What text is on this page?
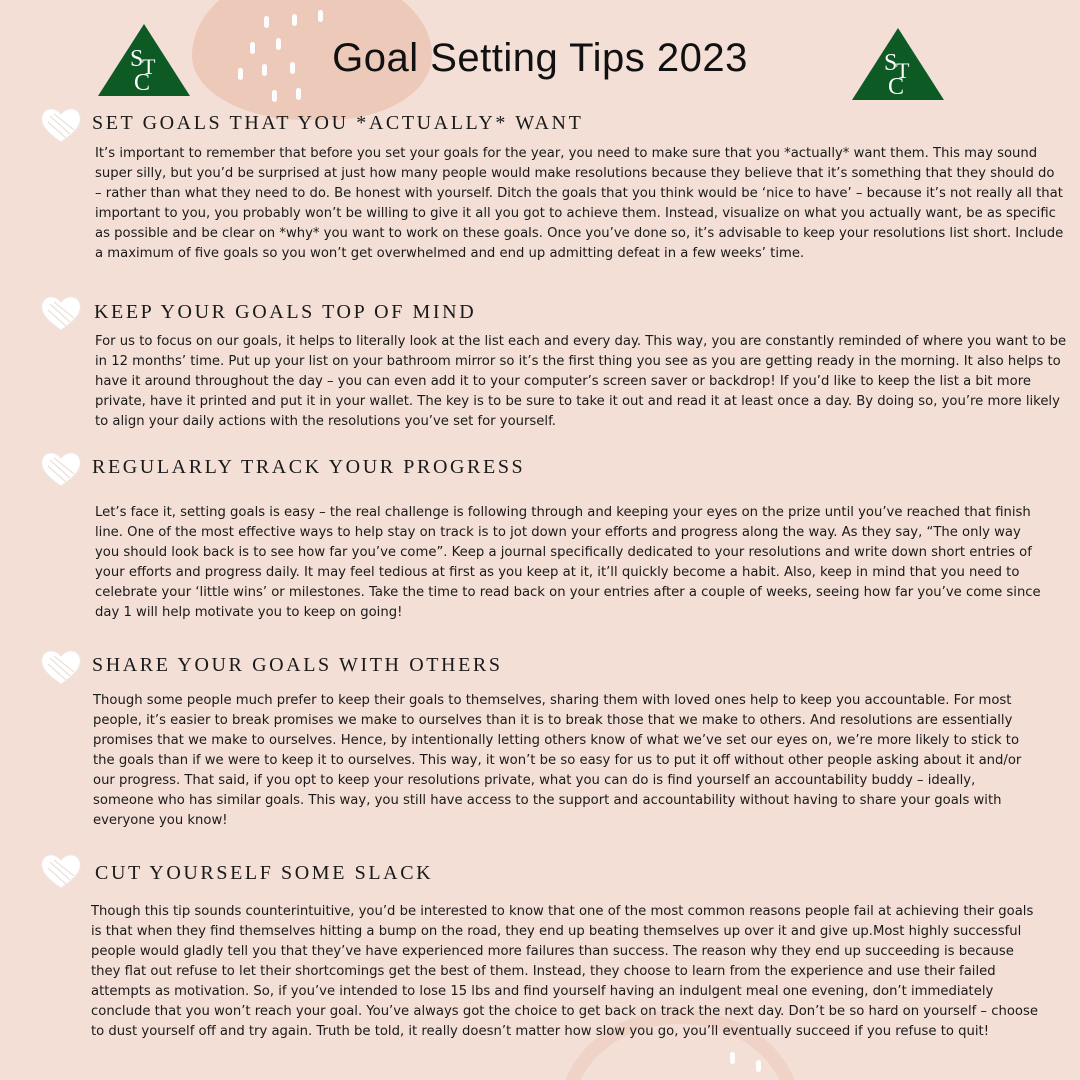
S
T
C
Goal Setting Tips 2023	S
T
C
SET GOALS THAT YOU *ACTUALLY* WANT
It’s important to remember that before you set your goals for the year, you need to make sure that you *actually* want them. This may sound super silly, but you’d be surprised at just how many people would make resolutions because they believe that it’s something that they should do – rather than what they need to do. Be honest with yourself. Ditch the goals that you think would be ‘nice to have’ – because it’s not really all that important to you, you probably won’t be willing to give it all you got to achieve them. Instead, visualize on what you actually want, be as specific as possible and be clear on *why* you want to work on these goals. Once you’ve done so, it’s advisable to keep your resolutions list short. Include a maximum of five goals so you won’t get overwhelmed and end up admitting defeat in a few weeks’ time.
KEEP YOUR GOALS TOP OF MIND
For us to focus on our goals, it helps to literally look at the list each and every day. This way, you are constantly reminded of where you want to be in 12 months’ time. Put up your list on your bathroom mirror so it’s the first thing you see as you are getting ready in the morning. It also helps to have it around throughout the day – you can even add it to your computer’s screen saver or backdrop! If you’d like to keep the list a bit more private, have it printed and put it in your wallet. The key is to be sure to take it out and read it at least once a day. By doing so, you’re more likely to align your daily actions with the resolutions you’ve set for yourself.
REGULARLY TRACK YOUR PROGRESS
Let’s face it, setting goals is easy – the real challenge is following through and keeping your eyes on the prize until you’ve reached that finish line. One of the most effective ways to help stay on track is to jot down your efforts and progress along the way. As they say, “The only way you should look back is to see how far you’ve come”. Keep a journal specifically dedicated to your resolutions and write down short entries of your efforts and progress daily. It may feel tedious at first as you keep at it, it’ll quickly become a habit. Also, keep in mind that you need to celebrate your ‘little wins’ or milestones. Take the time to read back on your entries after a couple of weeks, seeing how far you’ve come since day 1 will help motivate you to keep on going!
SHARE YOUR GOALS WITH OTHERS
Though some people much prefer to keep their goals to themselves, sharing them with loved ones help to keep you accountable. For most people, it’s easier to break promises we make to ourselves than it is to break those that we make to others. And resolutions are essentially promises that we make to ourselves. Hence, by intentionally letting others know of what we’ve set our eyes on, we’re more likely to stick to the goals than if we were to keep it to ourselves. This way, it won’t be so easy for us to put it off without other people asking about it and/or our progress. That said, if you opt to keep your resolutions private, what you can do is find yourself an accountability buddy – ideally, someone who has similar goals. This way, you still have access to the support and accountability without having to share your goals with everyone you know!
CUT YOURSELF SOME SLACK
Though this tip sounds counterintuitive, you’d be interested to know that one of the most common reasons people fail at achieving their goals is that when they find themselves hitting a bump on the road, they end up beating themselves up over it and give up.Most highly successful people would gladly tell you that they’ve have experienced more failures than success. The reason why they end up succeeding is because they flat out refuse to let their shortcomings get the best of them. Instead, they choose to learn from the experience and use their failed attempts as motivation. So, if you’ve intended to lose 15 lbs and find yourself having an indulgent meal one evening, don’t immediately conclude that you won’t reach your goal. You’ve always got the choice to get back on track the next day. Don’t be so hard on yourself – choose to dust yourself off and try again. Truth be told, it really doesn’t matter how slow you go, you’ll eventually succeed if you refuse to quit!
